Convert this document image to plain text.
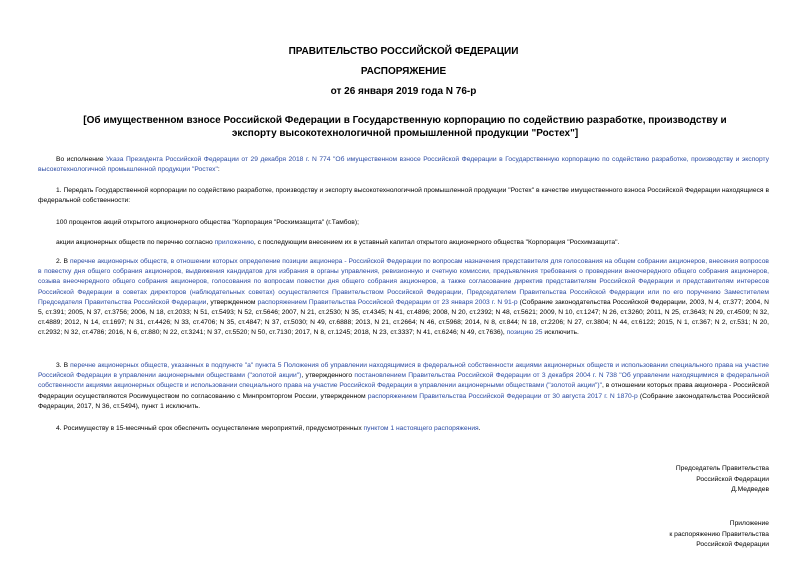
ПРАВИТЕЛЬСТВО РОССИЙСКОЙ ФЕДЕРАЦИИ
РАСПОРЯЖЕНИЕ
от 26 января 2019 года N 76-р
[Об имущественном взносе Российской Федерации в Государственную корпорацию по содействию разработке, производству и экспорту высокотехнологичной промышленной продукции "Ростех"]
Во исполнение Указа Президента Российской Федерации от 29 декабря 2018 г. N 774 "Об имущественном взносе Российской Федерации в Государственную корпорацию по содействию разработке, производству и экспорту высокотехнологичной промышленной продукции "Ростех":
1. Передать Государственной корпорации по содействию разработке, производству и экспорту высокотехнологичной промышленной продукции "Ростех" в качестве имущественного взноса Российской Федерации находящиеся в федеральной собственности:
100 процентов акций открытого акционерного общества "Корпорация "Росхимзащита" (г.Тамбов);
акции акционерных обществ по перечню согласно приложению, с последующим внесением их в уставный капитал открытого акционерного общества "Корпорация "Росхимзащита".
2. В перечне акционерных обществ, в отношении которых определение позиции акционера - Российской Федерации по вопросам назначения представителя для голосования на общем собрании акционеров, внесения вопросов в повестку дня общего собрания акционеров, выдвижения кандидатов для избрания в органы управления, ревизионную и счетную комиссии, предъявления требования о проведении внеочередного общего собрания акционеров, созыва внеочередного общего собрания акционеров, голосования по вопросам повестки дня общего собрания акционеров, а также согласование директив представителям Российской Федерации и представителям интересов Российской Федерации в советах директоров (наблюдательных советах) осуществляется Правительством Российской Федерации, Председателем Правительства Российской Федерации или по его поручению Заместителем Председателя Правительства Российской Федерации, утвержденном распоряжением Правительства Российской Федерации от 23 января 2003 г. N 91-р (Собрание законодательства Российской Федерации, 2003, N 4, ст.377; 2004, N 5, ст.391; 2005, N 37, ст.3756; 2006, N 18, ст.2033; N 51, ст.5493; N 52, ст.5646; 2007, N 21, ст.2530; N 35, ст.4345; N 41, ст.4896; 2008, N 20, ст.2392; N 48, ст.5621; 2009, N 10, ст.1247; N 26, ст.3260; 2011, N 25, ст.3643; N 29, ст.4509; N 32, ст.4889; 2012, N 14, ст.1697; N 31, ст.4426; N 33, ст.4706; N 35, ст.4847; N 37, ст.5030; N 49, ст.6888; 2013, N 21, ст.2664; N 46, ст.5968; 2014, N 8, ст.844; N 18, ст.2206; N 27, ст.3804; N 44, ст.6122; 2015, N 1, ст.367; N 2, ст.531; N 20, ст.2932; N 32, ст.4786; 2016, N 6, ст.880; N 22, ст.3241; N 37, ст.5520; N 50, ст.7130; 2017, N 8, ст.1245; 2018, N 23, ст.3337; N 41, ст.6246; N 49, ст.7636), позицию 25 исключить.
3. В перечне акционерных обществ, указанных в подпункте "а" пункта 5 Положения об управлении находящимися в федеральной собственности акциями акционерных обществ и использовании специального права на участие Российской Федерации в управлении акционерными обществами ("золотой акции"), утвержденного постановлением Правительства Российской Федерации от 3 декабря 2004 г. N 738 "Об управлении находящимися в федеральной собственности акциями акционерных обществ и использовании специального права на участие Российской Федерации в управлении акционерными обществами ("золотой акции")", в отношении которых права акционера - Российской Федерации осуществляются Росимуществом по согласованию с Минпромторгом России, утвержденном распоряжением Правительства Российской Федерации от 30 августа 2017 г. N 1870-р (Собрание законодательства Российской Федерации, 2017, N 36, ст.5494), пункт 1 исключить.
4. Росимуществу в 15-месячный срок обеспечить осуществление мероприятий, предусмотренных пунктом 1 настоящего распоряжения.
Председатель Правительства
Российской Федерации
Д.Медведев
Приложение
к распоряжению Правительства
Российской Федерации
